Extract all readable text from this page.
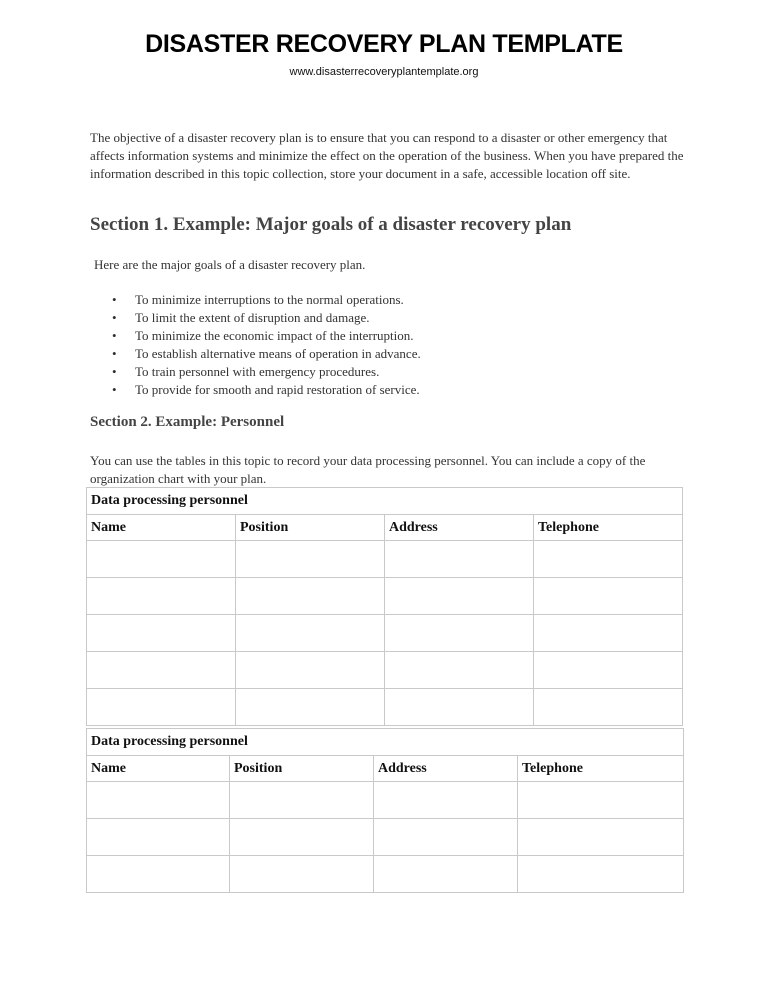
DISASTER RECOVERY PLAN TEMPLATE
www.disasterrecoveryplantemplate.org
The objective of a disaster recovery plan is to ensure that you can respond to a disaster or other emergency that affects information systems and minimize the effect on the operation of the business. When you have prepared the information described in this topic collection, store your document in a safe, accessible location off site.
Section 1. Example: Major goals of a disaster recovery plan
Here are the major goals of a disaster recovery plan.
• To minimize interruptions to the normal operations.
• To limit the extent of disruption and damage.
• To minimize the economic impact of the interruption.
• To establish alternative means of operation in advance.
• To train personnel with emergency procedures.
• To provide for smooth and rapid restoration of service.
Section 2. Example: Personnel
You can use the tables in this topic to record your data processing personnel. You can include a copy of the organization chart with your plan.
Data processing personnel			
Name	Position	Address	Telephone

Data processing personnel			
Name	Position	Address	Telephone
